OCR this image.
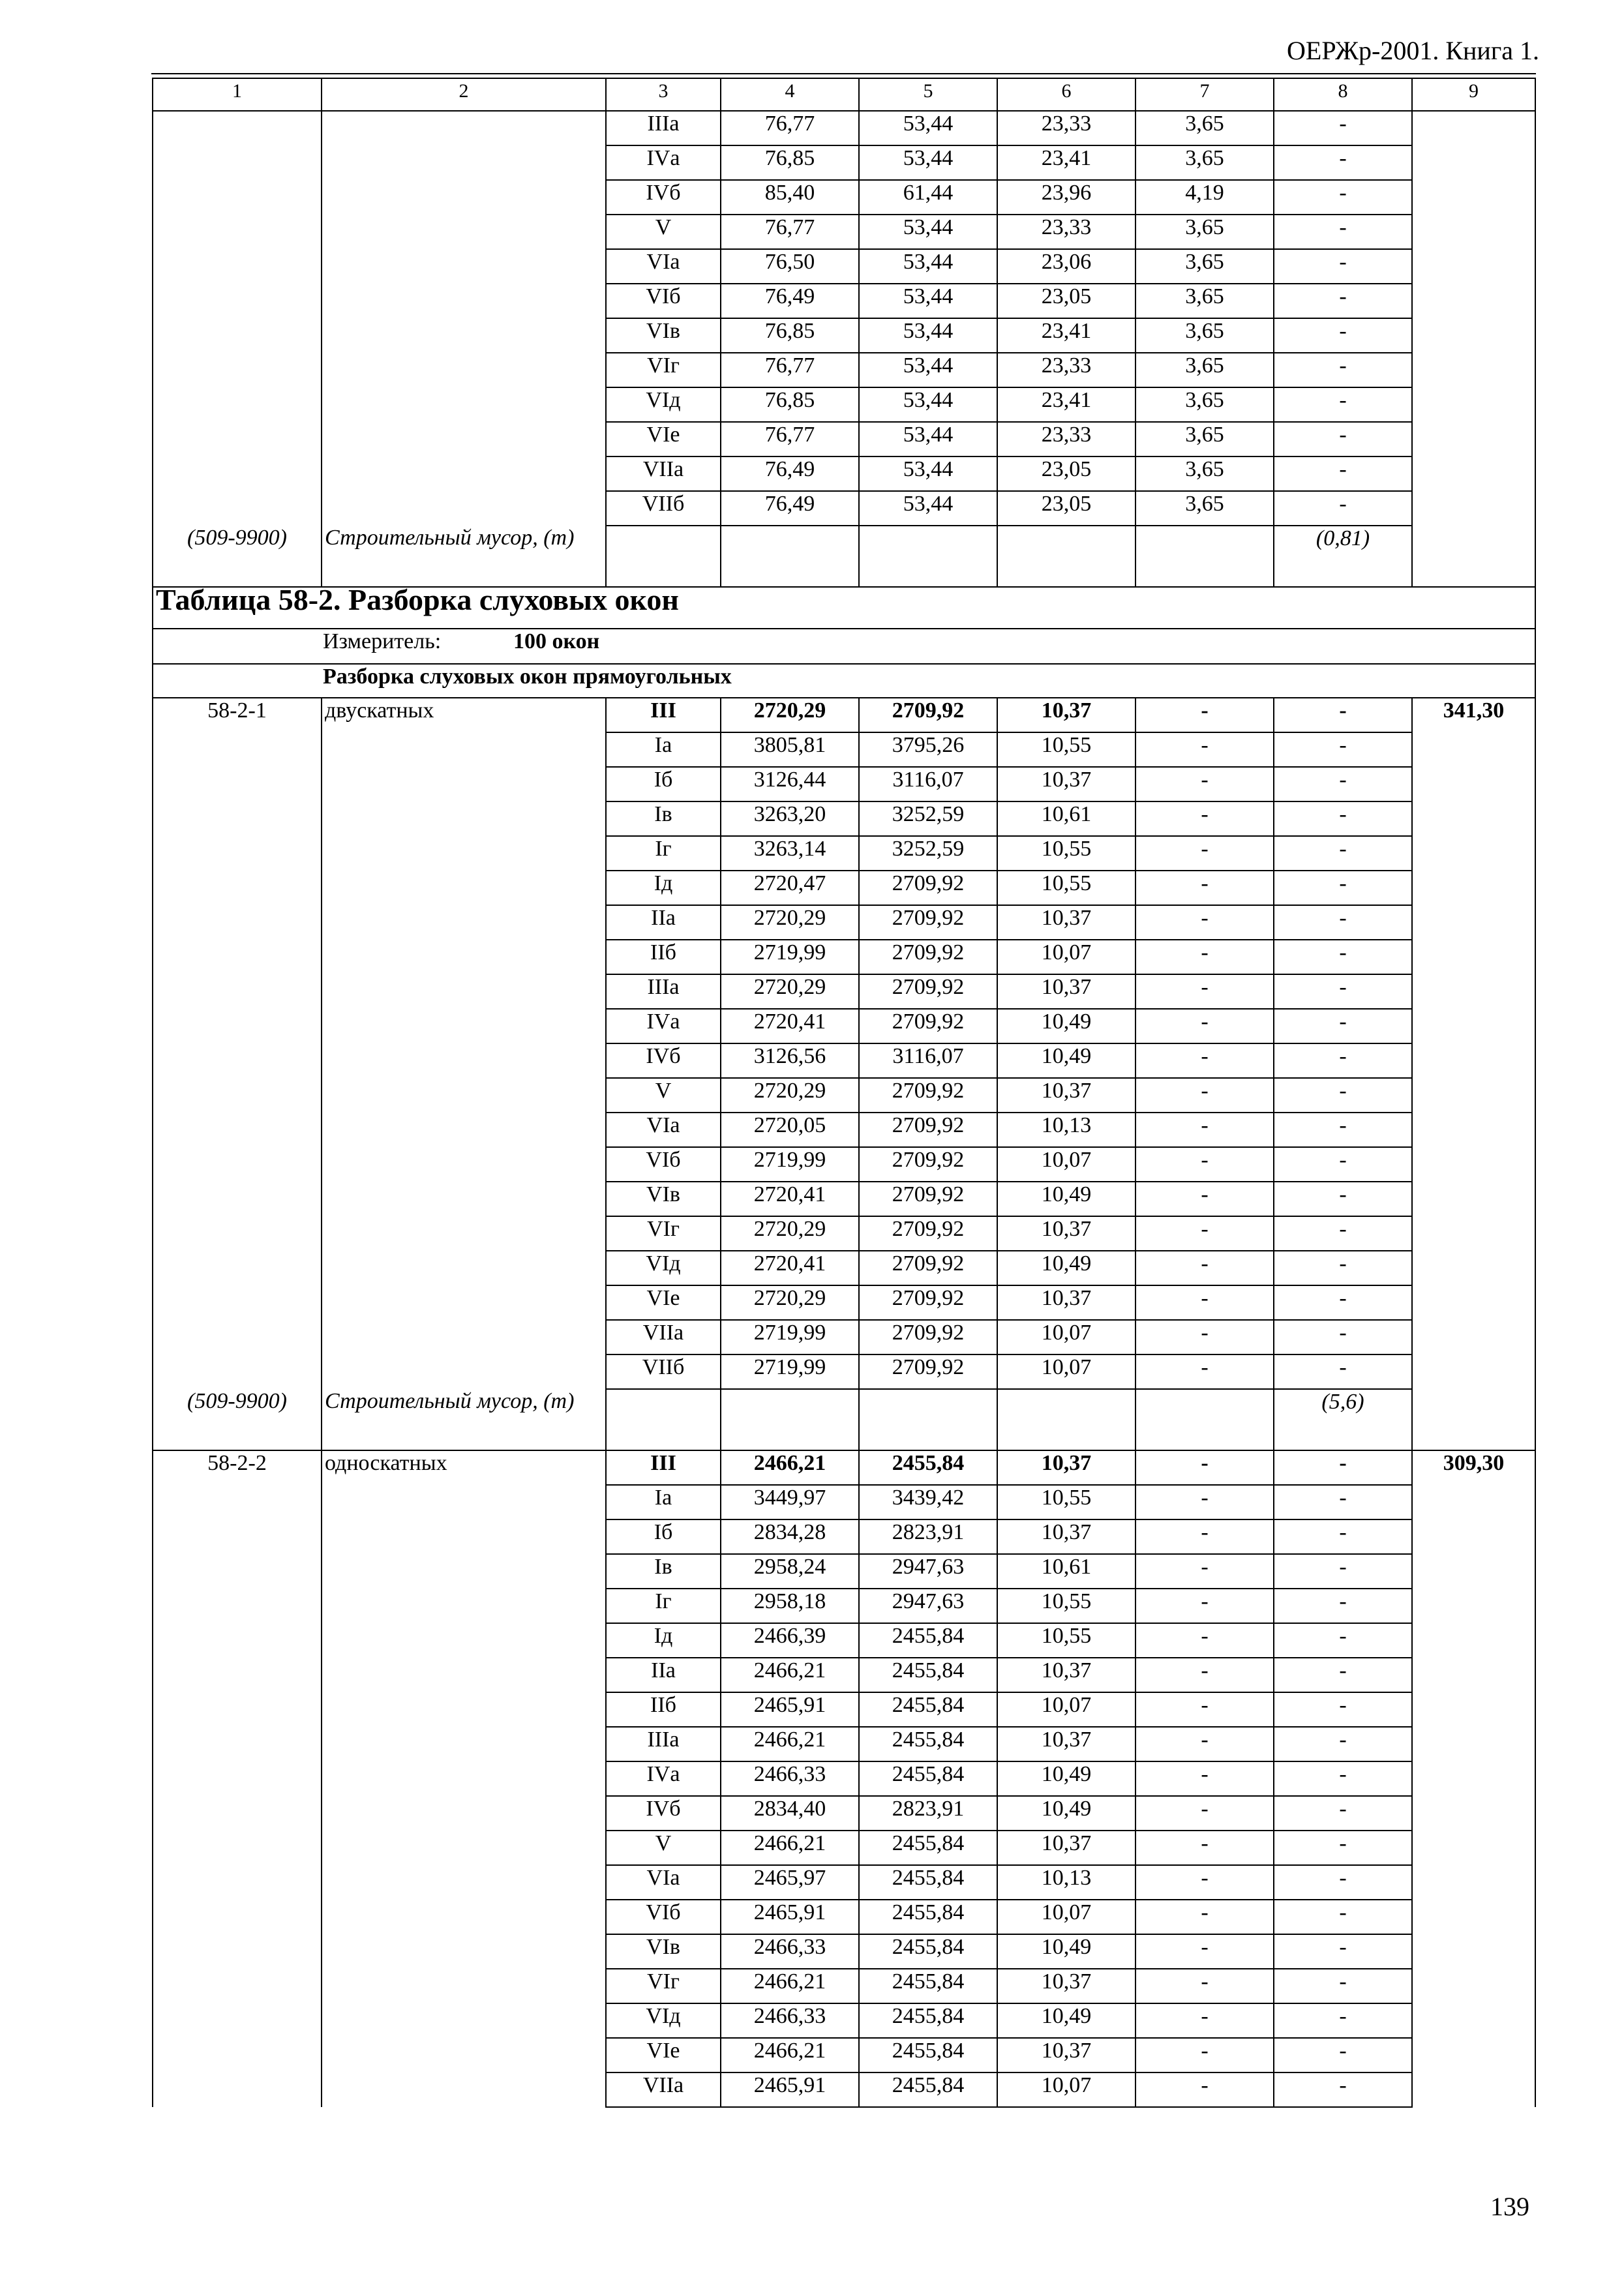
ОЕРЖр-2001. Книга 1.
1	2	3	4	5	6	7	8	9
		IIIа	76,77	53,44	23,33	3,65	-	
		IVа	76,85	53,44	23,41	3,65	-	
		IVб	85,40	61,44	23,96	4,19	-	
		V	76,77	53,44	23,33	3,65	-	
		VIа	76,50	53,44	23,06	3,65	-	
		VIб	76,49	53,44	23,05	3,65	-	
		VIв	76,85	53,44	23,41	3,65	-	
		VIг	76,77	53,44	23,33	3,65	-	
		VIд	76,85	53,44	23,41	3,65	-	
		VIе	76,77	53,44	23,33	3,65	-	
		VIIа	76,49	53,44	23,05	3,65	-	
		VIIб	76,49	53,44	23,05	3,65	-	
(509-9900)	Строительный мусор, (т)						(0,81)	
Таблица 58-2. Разборка слуховых окон								
Измеритель: 100 окон								
Разборка слуховых окон прямоугольных								
58-2-1	двускатных	III	2720,29	2709,92	10,37	-	-	341,30
		Iа	3805,81	3795,26	10,55	-	-	
		Iб	3126,44	3116,07	10,37	-	-	
		Iв	3263,20	3252,59	10,61	-	-	
		Iг	3263,14	3252,59	10,55	-	-	
		Iд	2720,47	2709,92	10,55	-	-	
		IIа	2720,29	2709,92	10,37	-	-	
		IIб	2719,99	2709,92	10,07	-	-	
		IIIа	2720,29	2709,92	10,37	-	-	
		IVа	2720,41	2709,92	10,49	-	-	
		IVб	3126,56	3116,07	10,49	-	-	
		V	2720,29	2709,92	10,37	-	-	
		VIа	2720,05	2709,92	10,13	-	-	
		VIб	2719,99	2709,92	10,07	-	-	
		VIв	2720,41	2709,92	10,49	-	-	
		VIг	2720,29	2709,92	10,37	-	-	
		VIд	2720,41	2709,92	10,49	-	-	
		VIе	2720,29	2709,92	10,37	-	-	
		VIIа	2719,99	2709,92	10,07	-	-	
		VIIб	2719,99	2709,92	10,07	-	-	
(509-9900)	Строительный мусор, (т)						(5,6)	
58-2-2	односкатных	III	2466,21	2455,84	10,37	-	-	309,30
		Iа	3449,97	3439,42	10,55	-	-	
		Iб	2834,28	2823,91	10,37	-	-	
		Iв	2958,24	2947,63	10,61	-	-	
		Iг	2958,18	2947,63	10,55	-	-	
		Iд	2466,39	2455,84	10,55	-	-	
		IIа	2466,21	2455,84	10,37	-	-	
		IIб	2465,91	2455,84	10,07	-	-	
		IIIа	2466,21	2455,84	10,37	-	-	
		IVа	2466,33	2455,84	10,49	-	-	
		IVб	2834,40	2823,91	10,49	-	-	
		V	2466,21	2455,84	10,37	-	-	
		VIа	2465,97	2455,84	10,13	-	-	
		VIб	2465,91	2455,84	10,07	-	-	
		VIв	2466,33	2455,84	10,49	-	-	
		VIг	2466,21	2455,84	10,37	-	-	
		VIд	2466,33	2455,84	10,49	-	-	
		VIе	2466,21	2455,84	10,37	-	-	
		VIIа	2465,91	2455,84	10,07	-	-	
139
